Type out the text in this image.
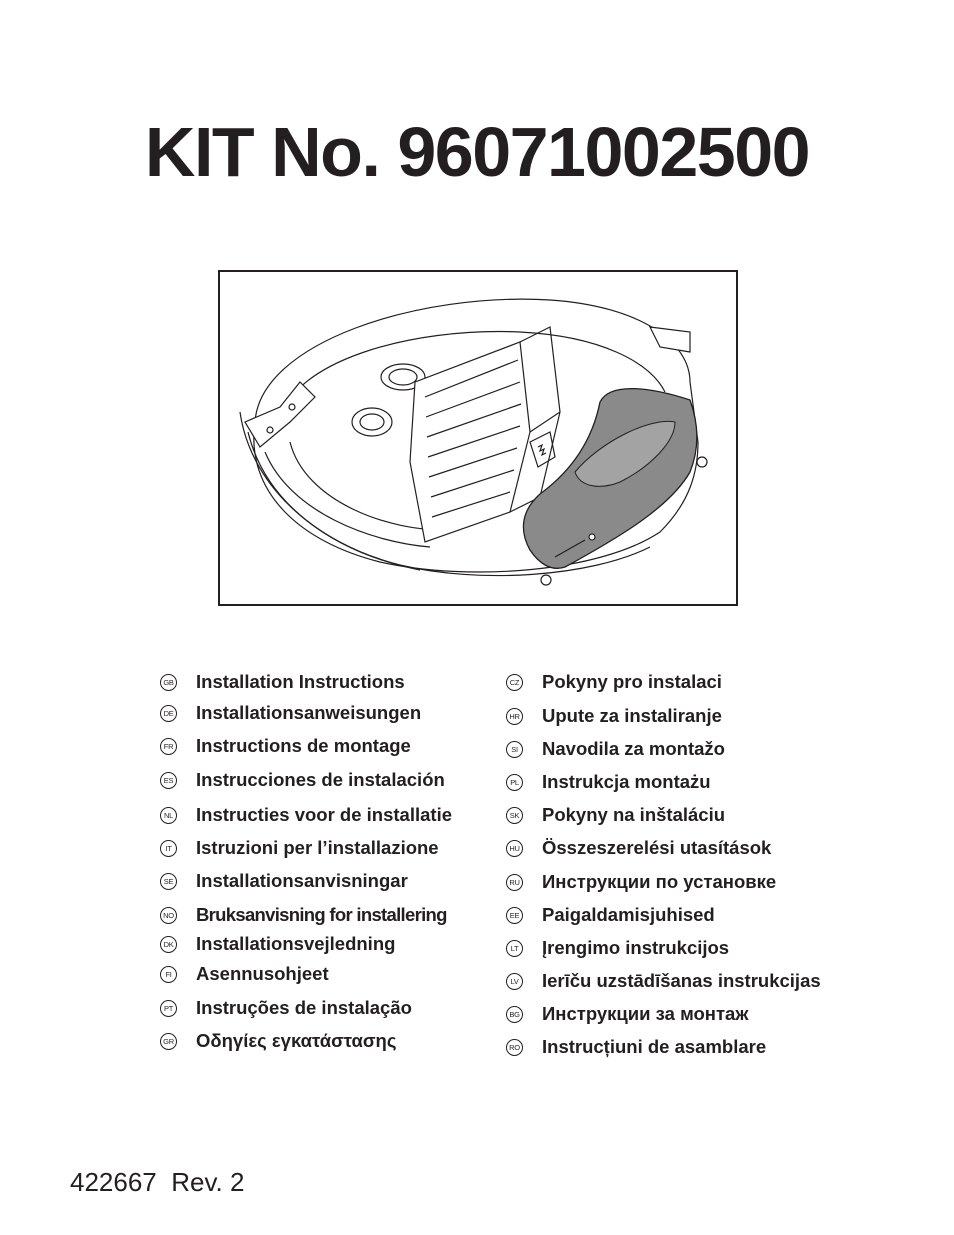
KIT No. 96071002500
GB Installation Instructions
DE Installationsanweisungen
FR Instructions de montage
ES Instrucciones de instalación
NL Instructies voor de installatie
IT Istruzioni per l’installazione
SE Installationsanvisningar
NO Bruksanvisning for installering
DK Installationsvejledning
FI Asennusohjeet
PT Instruções de instalação
GR Οδηγίες εγκατάστασης
CZ Pokyny pro instalaci
HR Upute za instaliranje
SI Navodila za montažo
PL Instrukcja montażu
SK Pokyny na inštaláciu
HU Összeszerelési utasítások
RU Инструкции по установке
EE Paigaldamisjuhised
LT Įrengimo instrukcijos
LV Ierīču uzstādīšanas instrukcijas
BG Инструкции за монтаж
RO Instrucțiuni de asamblare
422667 Rev. 2
